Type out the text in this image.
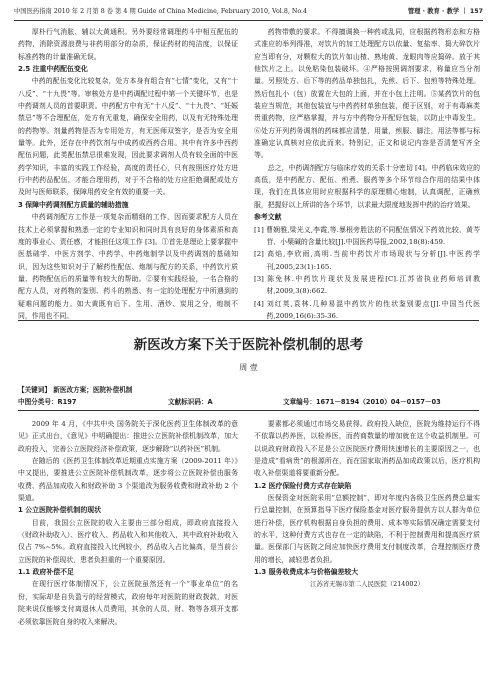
中国医药指南 2010 年 2 月第 8 卷 第 4 期 Guide of China Medicine, February 2010, Vol.8, No.4	管理 · 教育 · 教学 ｜ 157

厚朴行气消胀、辅以大黄通积。另外要经常调理药斗中相互配伍的药物，消除资源浪费与非药用部分的杂质，保证药材的纯洁度，以保证标准药物的计量准确无误。

2.5 注重中药配伍变化

中药的配伍变化比较复杂，处方本身有组合有“七情”变化，又有“十八反”、“十九畏”等。审核处方是中药调配过程中第一个关键环节，也是中药调剂人员的首要职责。中药配方中有无“十八反”、“十九畏”、“妊娠禁忌”等不合理配伍，处方有无重复，确保安全用药，以及有无特殊处理的药物等。剂量药物是否为专用处方，有无医师双签字，是否为安全用量等。此外，还存在中药饮剂与中成药或西药合用。其中有许多中西药配伍问题，此类配伍禁忌很难发现，因此要求调剂人员有较全面的中医药学知识，丰富的实践工作经验，高度的责任心，只有按照医疗处方进行中药药品配伍，才能合理用药，对于不合格的处方应拒绝调配或处方及时与医师联系，保障用药安全有效的重要一关。

3 保障中药调剂配方质量的辅助措施

中药调剂配方工作是一项复杂而精细的工作，因而要求配方人员在技术上必须掌握和熟悉一定的专业知识和同时具有良好的身体素质和高度的事业心、责任感，才能担任这项工作 [3]。①首先是理论上要掌握中医基础学、中医方剂学、中药学、中药炮制学以及中药调剂的基础知识，因为这些知识对于了解药性配伍、炮制与配方的关系，中药饮片质量、药物配伍后的质量等有较大的帮助。②要有实践经验，一名合格的配方人员，对药物的鉴别、药斗的熟悉、有一定的处理配方中所遇到的疑难问题的能力。如大黄既有后下、生用、酒炒、炭用之分，炮制不同，作用也不同。

药物带敷的要求。不得擅调换一种药或乱同，应根据药物形态和方格式准应的举列得准，对饮片的加工处理配方以依量、复盐率、捣大碎饮片应当即有分，对颗粒大的饮片如山楂、熟地黄、龙眼肉等应捣碎。放于其他饮片之上。以免粘染包装破坏。④严格按照调剂要求，称量应当分剂量。另照处方、后下等的药品单独包扎，先煎、后下、包煎等特殊处理。然后包扎小（包）放置在大包的上面，并在小包上注明。⑤某药饮片的包装应当规范，其他包装宜与中药药材单独包装，便于区别，对于有毒麻类贵重药物，应严格掌握，并与方中药物分开配好包装，以防止中毒发生。⑥处方开列药务调剂的药味都应清楚，用量，煎服、脚注，用法等都与标准确定认真核对应依此而来。特别记，正文和说记内容是否清楚写齐全等。

总之，中药调剂配方与临床疗效的关系十分密切 [4]。中药临床效应的高低，是中药配方、配伍、煎煮、服药等多个环节综合作用的结果中体现，我们在具体应用时应根据科学的原理精心炮制，认真调配，正确煎服，把握好以上所讲的各个环节，以求最大限度地发挥中药的治疗效果。

参考文献

[1] 曹娴雅,梁光义,李霞,等.暴根旁胜法的不同配伍情况下药效比较、黄芩苷、小檗碱的含量比较[J].中国医药导报,2002,18(8):459.

[2] 高焰,李欣雨,高明.当前中药饮片市场现状与分析[J].中医药学刊,2005,23(1):165.

[3] 陈免林.中药饮片现状及发展进程[C].江苏省执业药师培训教材,2009,3(8):662.

[4] 刘红英,袁林.几种易混中药饮片的性状鉴别要点[J].中国当代医药,2009,16(6):35-36.

新医改方案下关于医院补偿机制的思考
周 壹
【关键词】 新医改方案；医院补偿机制
中图分类号：R197	文献标识码：A	文章编号：1671－8194（2010）04－0157－03

2009 年 4 月，《中共中央 国务院关于深化医药卫生体制改革的意见》正式出台，《意见》中明确提出：推进公立医院补偿机制改革，加大政府投入，完善公立医院经济补偿政策，逐步解除“以药补医”机制。

在随后的《医药卫生体制改革近期重点实施方案（2009-2011 年）》中又提出，要推进公立医院补偿机制改革，逐步将公立医院补偿由服务收费、药品加成收入和财政补助 3 个渠道改为服务收费和财政补助 2 个渠道。

1 公立医院补偿机制的现状

目前，我国公立医院的收入主要由三部分组成，即政府直接投入（财政补助收入）、医疗收入、药品收入和其他收入，其中政府补助收入仅占 7%~5%。政府直接投入比例较小，药品收入占比偏高，是当前公立医院的补偿现状，患者负担重的一个重要原因。

1.1 政府补偿不足

在现行医疗体制情况下，公立医院虽然还有一个“事业单位”的名份，实际却是自负盈亏的经营模式，政府每年对医院的财政拨款，对医院来说仅能够支付离退休人员费用，其余的人员、财、物等各项开支都必须依靠医院自身的收入来解决。

要素都必须通过市场交易获得。政府投入缺位，医院为维持运行不得不依靠以药养医，以检养医，而药商数量的增加就在这个收益机制里。可以说政府财政投入不足是公立医院医疗费用快速增长的主要原因之一，也是造成“看病贵”的根源所在，而在国家取消药品加成政策以后，医疗机构收入补偿渠道将要重新分配。

1.2 医疗保险付费方式存在缺陷

医保资金对医院采用“总额控制”，即对年度内各级卫生医药费总量实行总量控制，在预算指导下医疗保险基金对医疗服务提供方以人群为单位进行补偿，医疗机构根据自身负担的费用、成本等实际情况确定需要支付的水平，这种付费方式也存在一定的缺陷，不利于控制费用和提高医疗质量。医保部门与医院之间应加快医疗费用支付制度改革，合理控制医疗费用的增长，减轻患者负担。

1.3 服务收费成本与价格偏差较大

江苏省无锡市第二人民医院（214002）
